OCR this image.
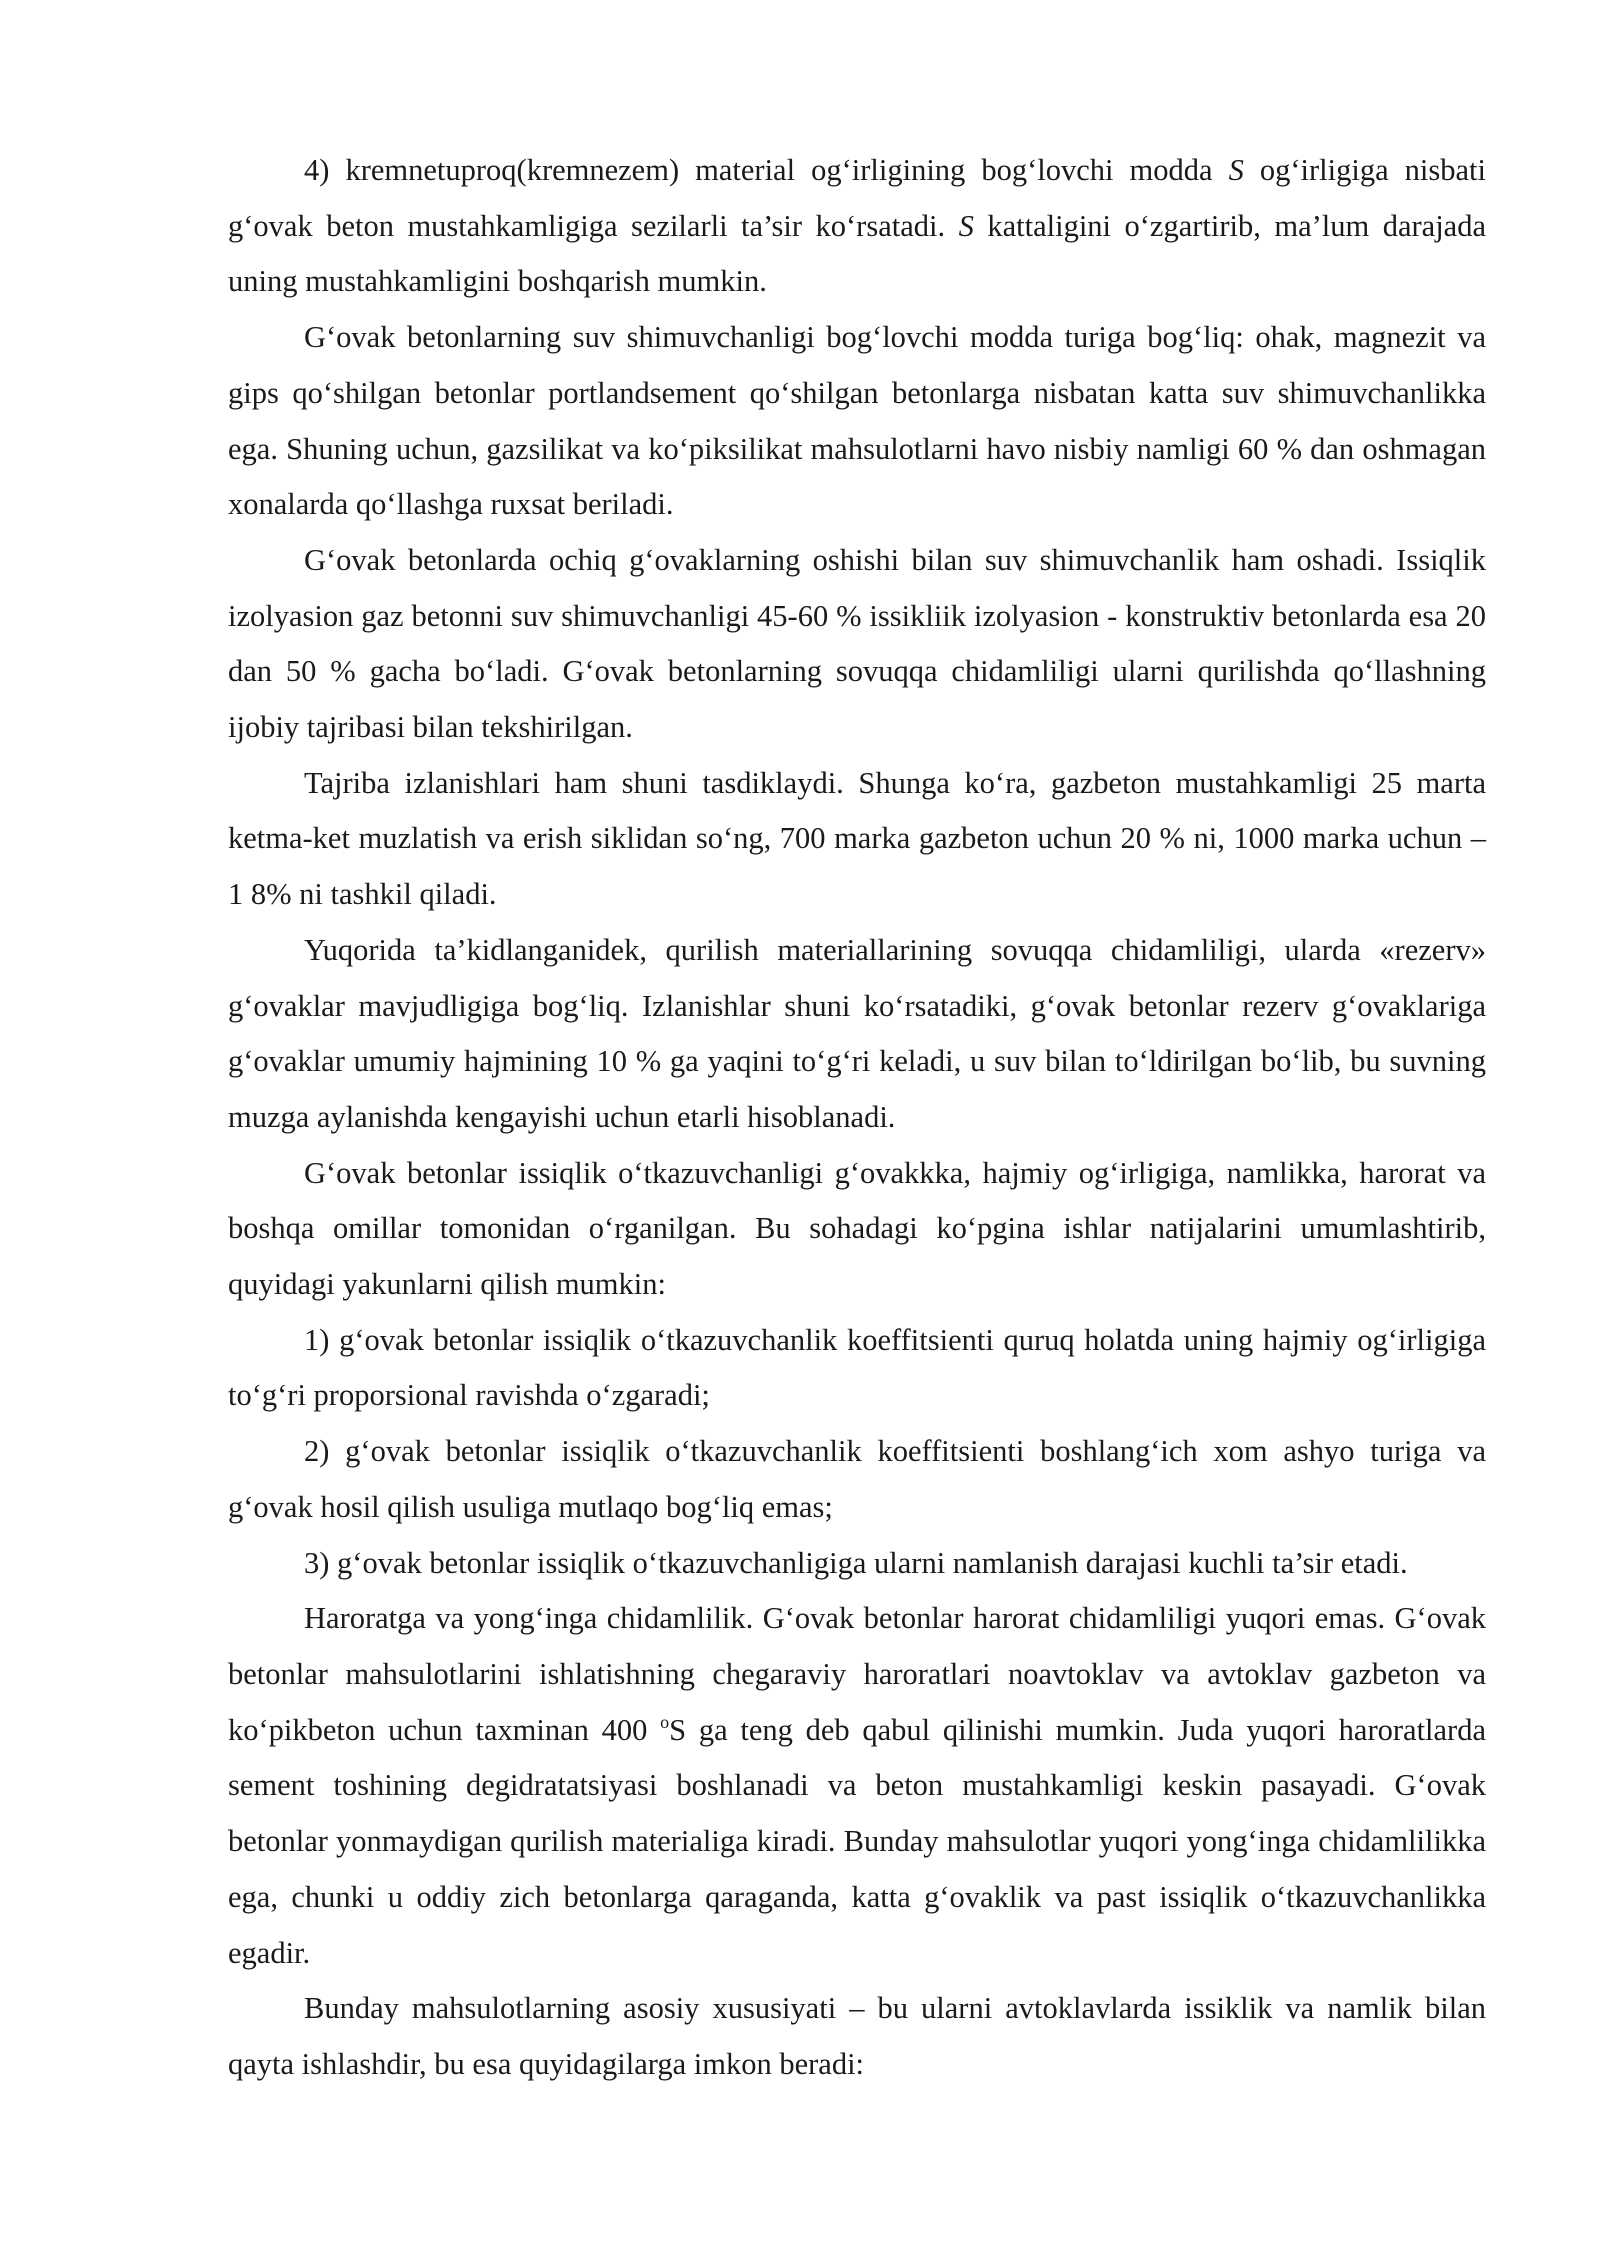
4) kremnetuproq(kremnezem) material og‘irligining bog‘lovchi modda S og‘irligiga nisbati g‘ovak beton mustahkamligiga sezilarli ta’sir ko‘rsatadi. S kattaligini o‘zgartirib, ma’lum darajada uning mustahkamligini boshqarish mumkin.

G‘ovak betonlarning suv shimuvchanligi bog‘lovchi modda turiga bog‘liq: ohak, magnezit va gips qo‘shilgan betonlar portlandsement qo‘shilgan betonlarga nisbatan katta suv shimuvchanlikka ega. Shuning uchun, gazsilikat va ko‘piksilikat mahsulotlarni havo nisbiy namligi 60 % dan oshmagan xonalarda qo‘llashga ruxsat beriladi.

G‘ovak betonlarda ochiq g‘ovaklarning oshishi bilan suv shimuvchanlik ham oshadi. Issiqlik izolyasion gaz betonni suv shimuvchanligi 45-60 % issikliik izolyasion - konstruktiv betonlarda esa 20 dan 50 % gacha bo‘ladi. G‘ovak betonlarning sovuqqa chidamliligi ularni qurilishda qo‘llashning ijobiy tajribasi bilan tekshirilgan.

Tajriba izlanishlari ham shuni tasdiklaydi. Shunga ko‘ra, gazbeton mustahkamligi 25 marta ketma-ket muzlatish va erish siklidan so‘ng, 700 marka gazbeton uchun 20 % ni, 1000 marka uchun – 1 8% ni tashkil qiladi.

Yuqorida ta’kidlanganidek, qurilish materiallarining sovuqqa chidamliligi, ularda «rezerv» g‘ovaklar mavjudligiga bog‘liq. Izlanishlar shuni ko‘rsatadiki, g‘ovak betonlar rezerv g‘ovaklariga g‘ovaklar umumiy hajmining 10 % ga yaqini to‘g‘ri keladi, u suv bilan to‘ldirilgan bo‘lib, bu suvning muzga aylanishda kengayishi uchun etarli hisoblanadi.

G‘ovak betonlar issiqlik o‘tkazuvchanligi g‘ovakkka, hajmiy og‘irligiga, namlikka, harorat va boshqa omillar tomonidan o‘rganilgan. Bu sohadagi ko‘pgina ishlar natijalarini umumlashtirib, quyidagi yakunlarni qilish mumkin:

1) g‘ovak betonlar issiqlik o‘tkazuvchanlik koeffitsienti quruq holatda uning hajmiy og‘irligiga to‘g‘ri proporsional ravishda o‘zgaradi;

2) g‘ovak betonlar issiqlik o‘tkazuvchanlik koeffitsienti boshlang‘ich xom ashyo turiga va g‘ovak hosil qilish usuliga mutlaqo bog‘liq emas;

3) g‘ovak betonlar issiqlik o‘tkazuvchanligiga ularni namlanish darajasi kuchli ta’sir etadi.

Haroratga va yong‘inga chidamlilik. G‘ovak betonlar harorat chidamliligi yuqori emas. G‘ovak betonlar mahsulotlarini ishlatishning chegaraviy haroratlari noavtoklav va avtoklav gazbeton va ko‘pikbeton uchun taxminan 400 $^o$S ga teng deb qabul qilinishi mumkin. Juda yuqori haroratlarda sement toshining degidratatsiyasi boshlanadi va beton mustahkamligi keskin pasayadi. G‘ovak betonlar yonmaydigan qurilish materialiga kiradi. Bunday mahsulotlar yuqori yong‘inga chidamlilikka ega, chunki u oddiy zich betonlarga qaraganda, katta g‘ovaklik va past issiqlik o‘tkazuvchanlikka egadir.

Bunday mahsulotlarning asosiy xususiyati – bu ularni avtoklavlarda issiklik va namlik bilan qayta ishlashdir, bu esa quyidagilarga imkon beradi:
